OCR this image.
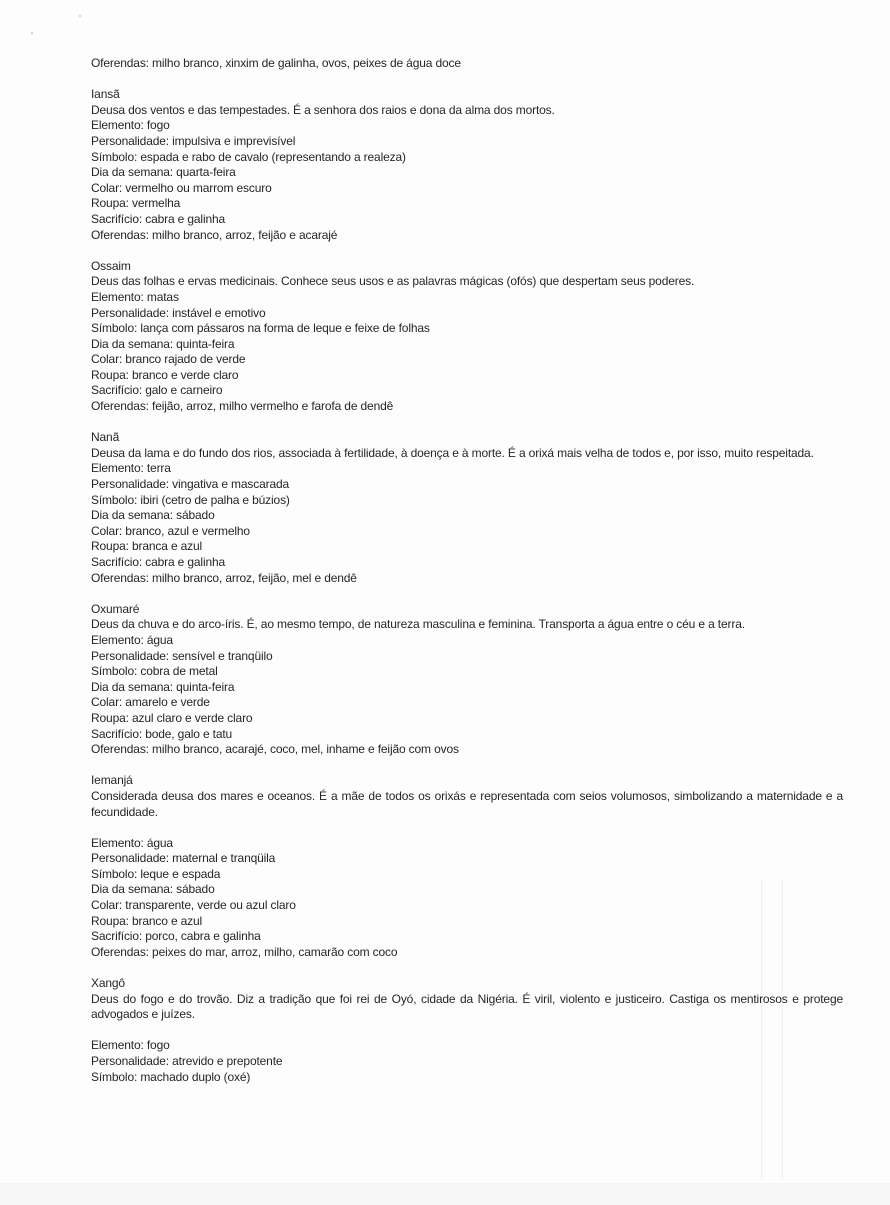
Oferendas: milho branco, xinxim de galinha, ovos, peixes de água doce

Iansã

Deusa dos ventos e das tempestades. É a senhora dos raios e dona da alma dos mortos.

Elemento: fogo

Personalidade: impulsiva e imprevisível

Símbolo: espada e rabo de cavalo (representando a realeza)

Dia da semana: quarta-feira

Colar: vermelho ou marrom escuro

Roupa: vermelha

Sacrifício: cabra e galinha

Oferendas: milho branco, arroz, feijão e acarajé

Ossaim

Deus das folhas e ervas medicinais. Conhece seus usos e as palavras mágicas (ofós) que despertam seus poderes.

Elemento: matas

Personalidade: instável e emotivo

Símbolo: lança com pássaros na forma de leque e feixe de folhas

Dia da semana: quinta-feira

Colar: branco rajado de verde

Roupa: branco e verde claro

Sacrifício: galo e carneiro

Oferendas: feijão, arroz, milho vermelho e farofa de dendê

Nanã

Deusa da lama e do fundo dos rios, associada à fertilidade, à doença e à morte. É a orixá mais velha de todos e, por isso, muito respeitada.

Elemento: terra

Personalidade: vingativa e mascarada

Símbolo: ibiri (cetro de palha e búzios)

Dia da semana: sábado

Colar: branco, azul e vermelho

Roupa: branca e azul

Sacrifício: cabra e galinha

Oferendas: milho branco, arroz, feijão, mel e dendê

Oxumaré

Deus da chuva e do arco-íris. É, ao mesmo tempo, de natureza masculina e feminina. Transporta a água entre o céu e a terra.

Elemento: água

Personalidade: sensível e tranqüilo

Símbolo: cobra de metal

Dia da semana: quinta-feira

Colar: amarelo e verde

Roupa: azul claro e verde claro

Sacrifício: bode, galo e tatu

Oferendas: milho branco, acarajé, coco, mel, inhame e feijão com ovos

Iemanjá

Considerada deusa dos mares e oceanos. É a mãe de todos os orixás e representada com seios volumosos, simbolizando a maternidade e a fecundidade.

Elemento: água

Personalidade: maternal e tranqüila

Símbolo: leque e espada

Dia da semana: sábado

Colar: transparente, verde ou azul claro

Roupa: branco e azul

Sacrifício: porco, cabra e galinha

Oferendas: peixes do mar, arroz, milho, camarão com coco

Xangô

Deus do fogo e do trovão. Diz a tradição que foi rei de Oyó, cidade da Nigéria. É viril, violento e justiceiro. Castiga os mentirosos e protege advogados e juízes.

Elemento: fogo

Personalidade: atrevido e prepotente

Símbolo: machado duplo (oxé)
